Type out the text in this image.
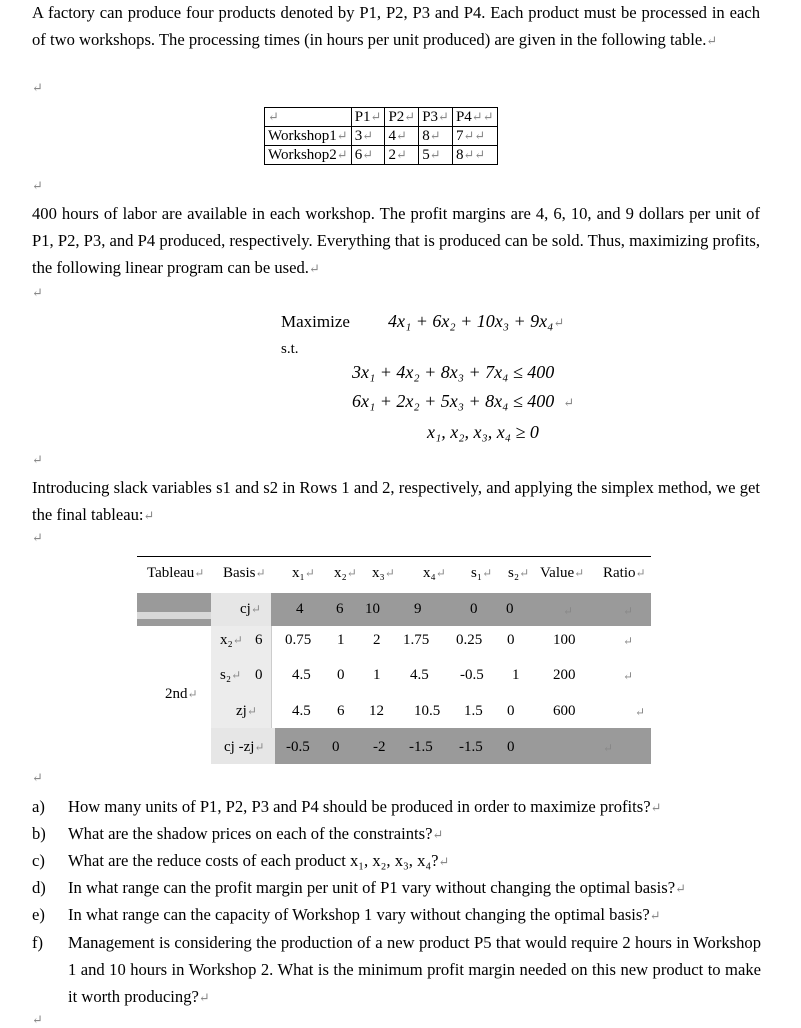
A factory can produce four products denoted by P1, P2, P3 and P4. Each product must be processed in each of two workshops. The processing times (in hours per unit produced) are given in the following table.↵
↵
↵	P1↵	P2↵	P3↵	P4↵↵
Workshop1↵	3↵	4↵	8↵	7↵↵
Workshop2↵	6↵	2↵	5↵	8↵↵
↵
400 hours of labor are available in each workshop. The profit margins are 4, 6, 10, and 9 dollars per unit of P1, P2, P3, and P4 produced, respectively. Everything that is produced can be sold. Thus, maximizing profits, the following linear program can be used.↵
↵
Maximize 4x₁ + 6x₂ + 10x₃ + 9x₄↵
s.t.
3x₁ + 4x₂ + 8x₃ + 7x₄ ≤ 400
6x₁ + 2x₂ + 5x₃ + 8x₄ ≤ 400 ↵
x₁, x₂, x₃, x₄ ≥ 0
↵
Introducing slack variables s1 and s2 in Rows 1 and 2, respectively, and applying the simplex method, we get the final tableau:↵
↵
Tableau↵ Basis↵ x₁↵ x₂↵ x₃↵ x₄↵ s₁↵ s₂↵ Value↵ Ratio↵
cj↵ 4 6 10 9	0 0	↵	↵
2nd↵
x₂↵ 6 0.75 1 2 1.75 0.25 0	100	↵
s₂↵ 0 4.5 0 1 4.5 -0.5 1 200	↵
zj↵ 4.5 6 12 10.5 1.5 0	600	↵
cj -zj↵ -0.5 0 -2 -1.5 -1.5 0	↵
↵
a) How many units of P1, P2, P3 and P4 should be produced in order to maximize profits?↵
b) What are the shadow prices on each of the constraints?↵
c) What are the reduce costs of each product x₁, x₂, x₃, x₄?↵
d) In what range can the profit margin per unit of P1 vary without changing the optimal basis?↵
e) In what range can the capacity of Workshop 1 vary without changing the optimal basis?↵
f) Management is considering the production of a new product P5 that would require 2 hours in Workshop 1 and 10 hours in Workshop 2. What is the minimum profit margin needed on this new product to make it worth producing?↵
↵
